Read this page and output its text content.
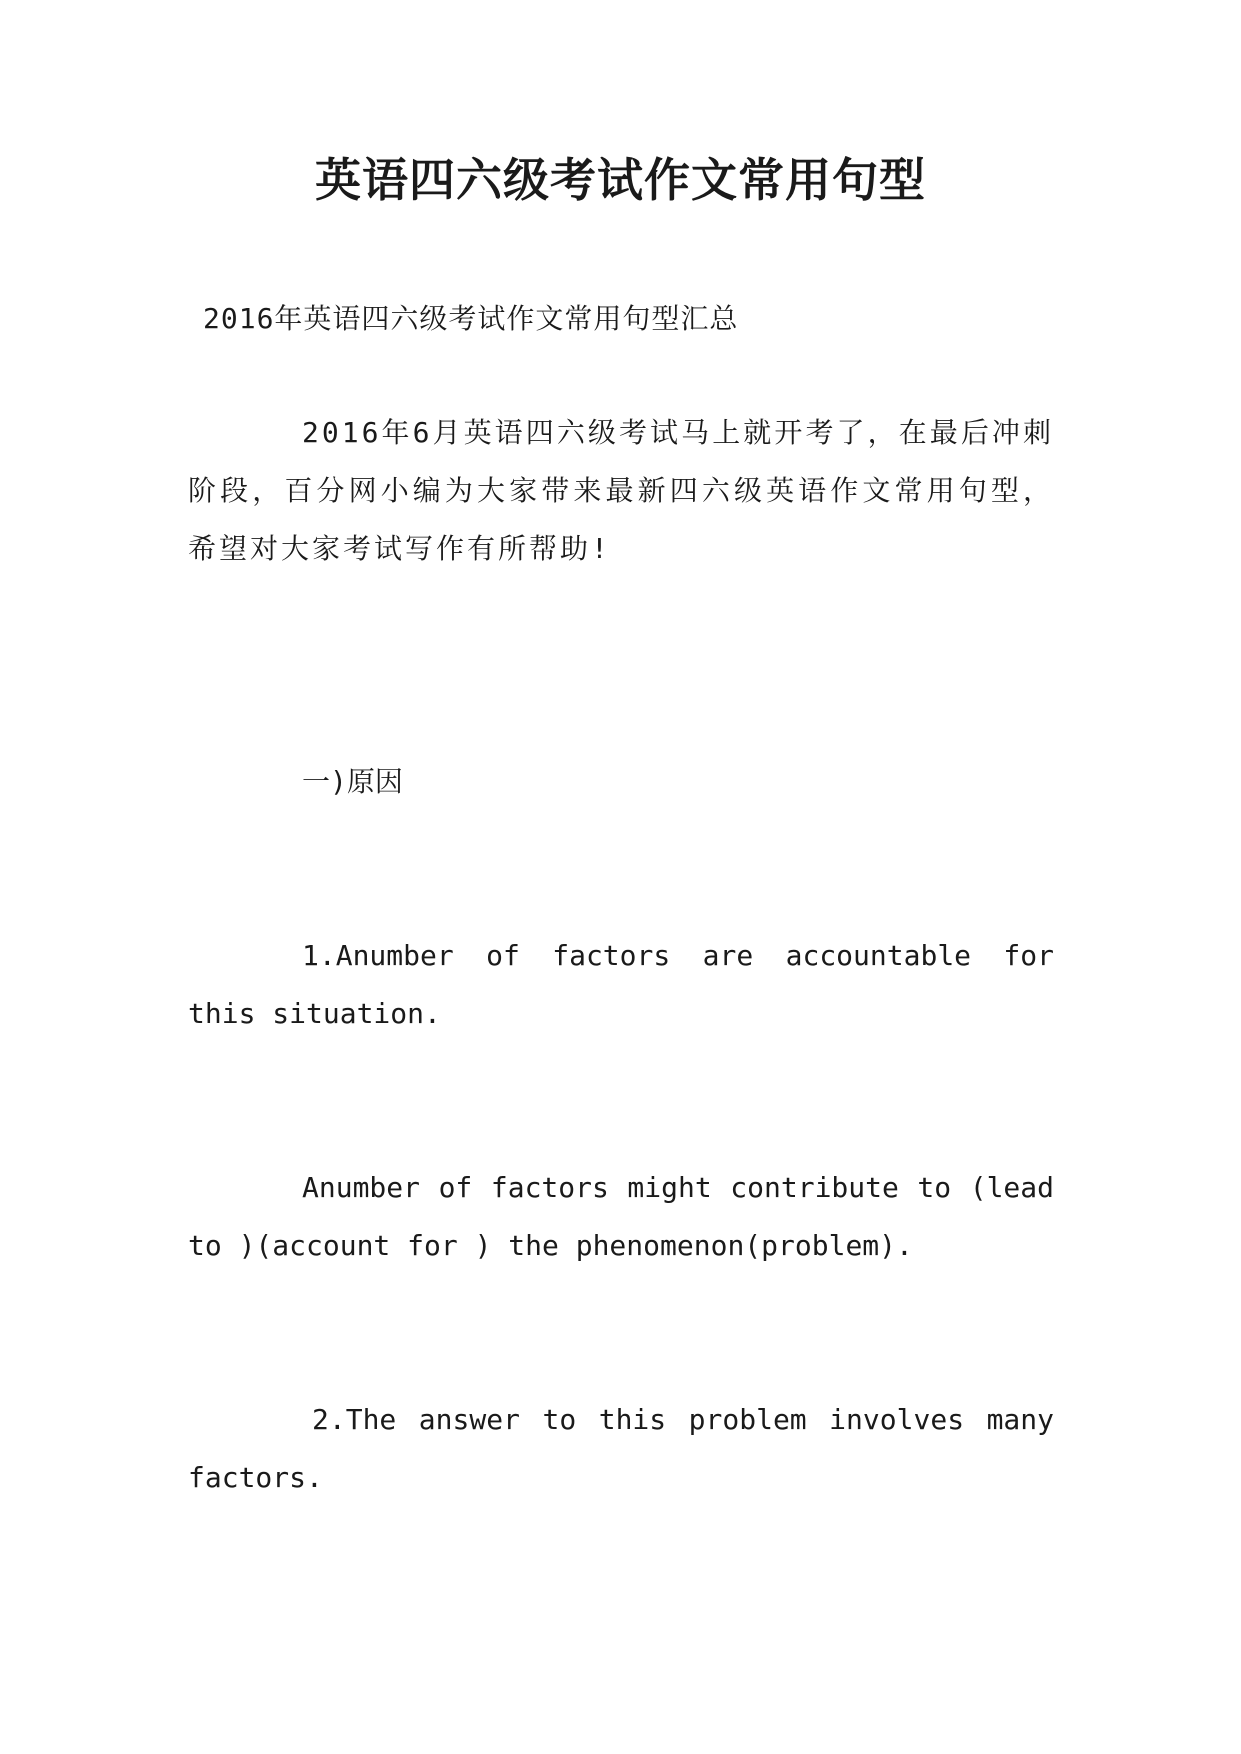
英语四六级考试作文常用句型

2016年英语四六级考试作文常用句型汇总

2016年6月英语四六级考试马上就开考了，在最后冲刺阶段，百分网小编为大家带来最新四六级英语作文常用句型，希望对大家考试写作有所帮助!

一)原因

1.Anumber of factors are accountable for this situation.

Anumber of factors might contribute to (lead to )(account for ) the phenomenon(problem).

2.The answer to this problem involves many factors.
